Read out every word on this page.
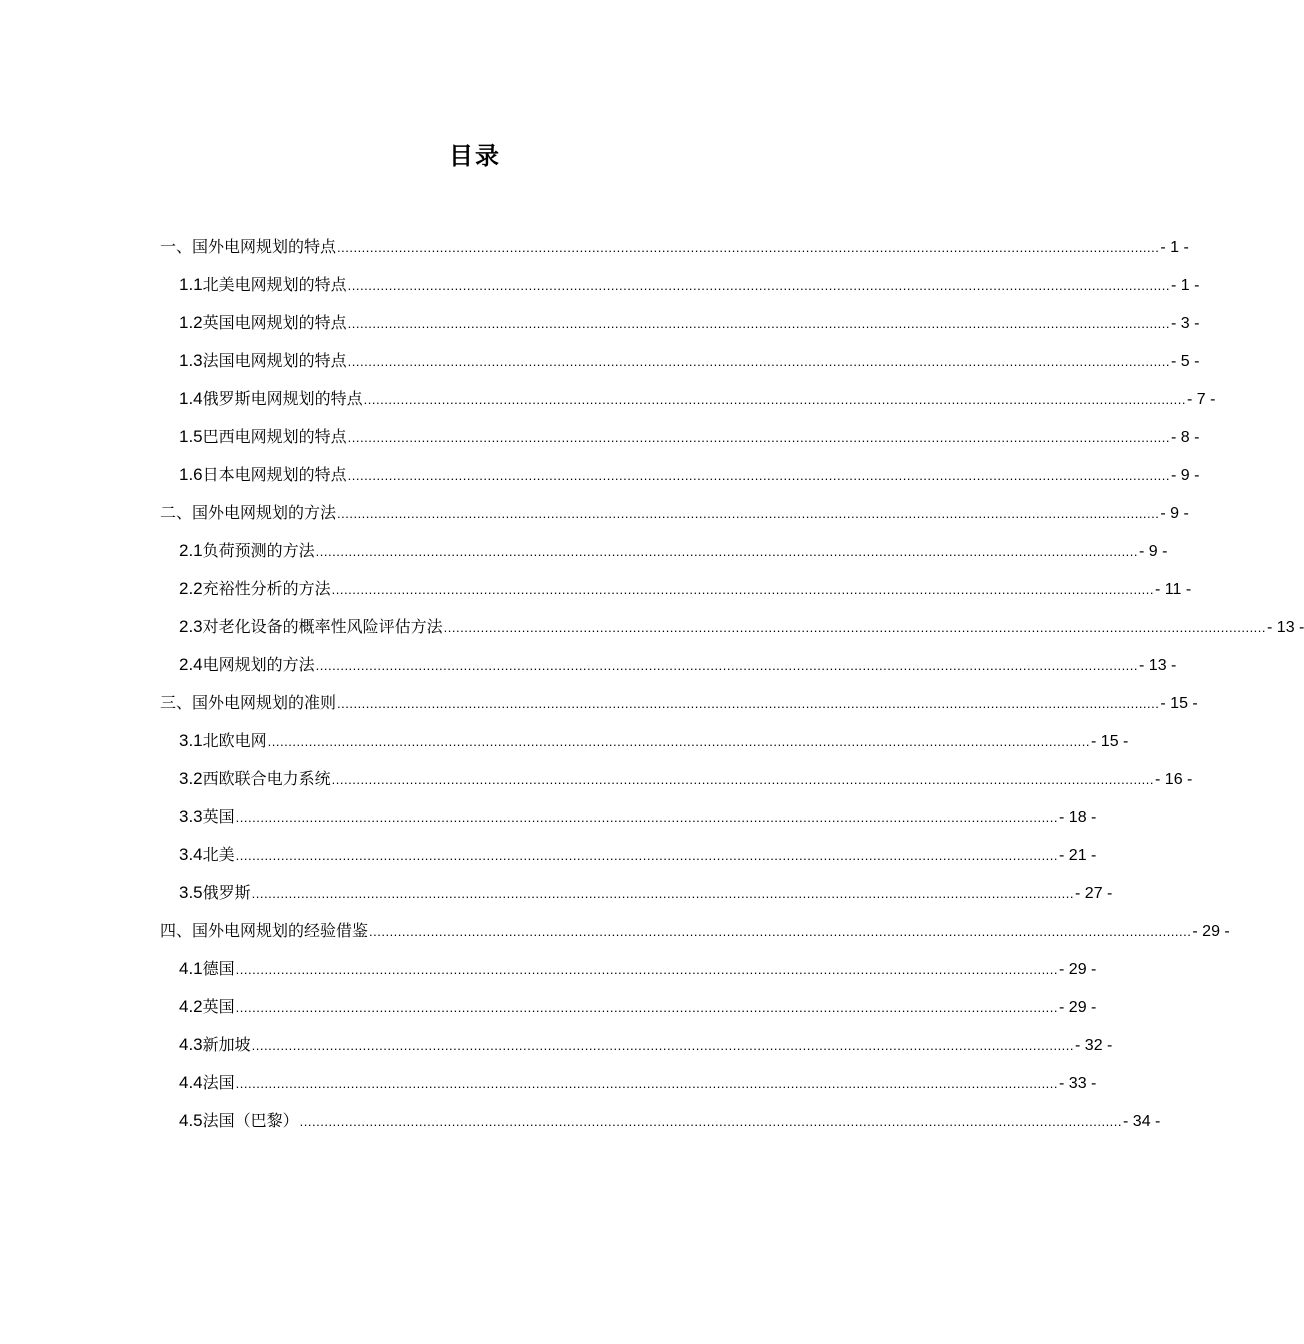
目录
一、国外电网规划的特点 ........................................................................................................................................................................................................ - 1 -
1.1 北美电网规划的特点 ........................................................................................................................................................................................................ - 1 -
1.2 英国电网规划的特点 ........................................................................................................................................................................................................ - 3 -
1.3 法国电网规划的特点 ........................................................................................................................................................................................................ - 5 -
1.4 俄罗斯电网规划的特点 ........................................................................................................................................................................................................ - 7 -
1.5 巴西电网规划的特点 ........................................................................................................................................................................................................ - 8 -
1.6 日本电网规划的特点 ........................................................................................................................................................................................................ - 9 -
二、国外电网规划的方法 ........................................................................................................................................................................................................ - 9 -
2.1 负荷预测的方法 ........................................................................................................................................................................................................ - 9 -
2.2 充裕性分析的方法 ........................................................................................................................................................................................................ - 11 -
2.3 对老化设备的概率性风险评估方法 ........................................................................................................................................................................................................ - 13 -
2.4 电网规划的方法 ........................................................................................................................................................................................................ - 13 -
三、国外电网规划的准则 ........................................................................................................................................................................................................ - 15 -
3.1 北欧电网 ........................................................................................................................................................................................................ - 15 -
3.2 西欧联合电力系统 ........................................................................................................................................................................................................ - 16 -
3.3 英国 ........................................................................................................................................................................................................ - 18 -
3.4 北美 ........................................................................................................................................................................................................ - 21 -
3.5 俄罗斯 ........................................................................................................................................................................................................ - 27 -
四、国外电网规划的经验借鉴 ........................................................................................................................................................................................................ - 29 -
4.1 德国 ........................................................................................................................................................................................................ - 29 -
4.2 英国 ........................................................................................................................................................................................................ - 29 -
4.3 新加坡 ........................................................................................................................................................................................................ - 32 -
4.4 法国 ........................................................................................................................................................................................................ - 33 -
4.5 法国（巴黎） ........................................................................................................................................................................................................ - 34 -
